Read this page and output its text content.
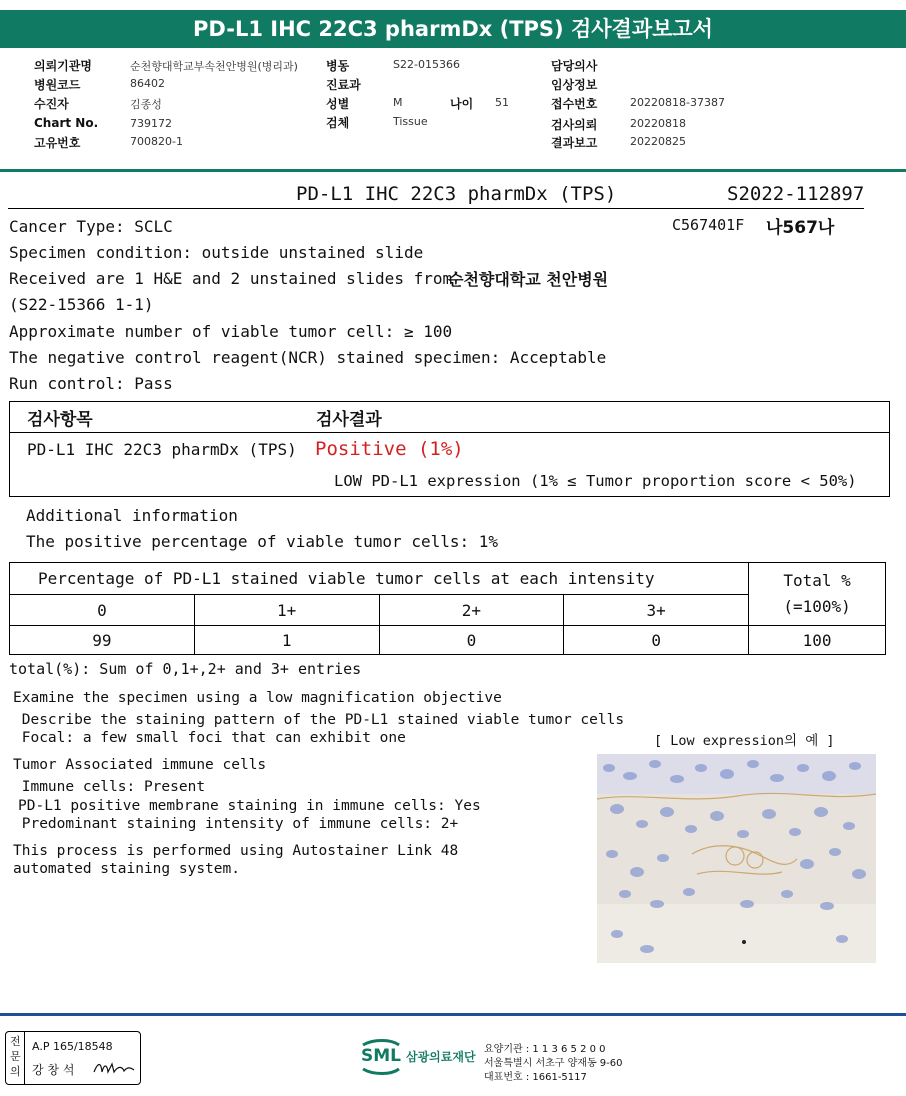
PD-L1 IHC 22C3 pharmDx (TPS) 검사결과보고서
의뢰기관명	순천향대학교부속천안병원(병리과)
병원코드	86402
수진자	김종성
Chart No.	739172
고유번호	700820-1
병동	S22-015366
진료과
성별	M	나이 51
검체	Tissue
담당의사
임상정보
접수번호	20220818-37387
검사의뢰	20220818
결과보고	20220825
PD-L1 IHC 22C3 pharmDx (TPS)	S2022-112897
C567401F 나567나
Cancer Type: SCLC
Specimen condition: outside unstained slide
Received are 1 H&E and 2 unstained slides from
순천향대학교 천안병원
(S22-15366 1-1)
Approximate number of viable tumor cell: ≥ 100
The negative control reagent(NCR) stained specimen: Acceptable
Run control: Pass
검사항목	검사결과
PD-L1 IHC 22C3 pharmDx (TPS) Positive (1%)
LOW PD-L1 expression (1% ≤ Tumor proportion score < 50%)
Additional information
The positive percentage of viable tumor cells: 1%
Percentage of PD-L1 stained viable tumor cells at each intensity				Total %
(=100%)

0	1+	2+	3+	
99	1	0	0	100
total(%): Sum of 0,1+,2+ and 3+ entries
Examine the specimen using a low magnification objective
Describe the staining pattern of the PD-L1 stained viable tumor cells
Focal: a few small foci that can exhibit one
Tumor Associated immune cells
Immune cells: Present
PD-L1 positive membrane staining in immune cells: Yes
Predominant staining intensity of immune cells: 2+
This process is performed using Autostainer Link 48
automated staining system.
[ Low expression의 예 ]
전문의
A.P 165/18548
강 창 석
SML 삼광의료재단
요양기관 : 1 1 3 6 5 2 0 0
서울특별시 서초구 양재동 9-60
대표번호 : 1661-5117
